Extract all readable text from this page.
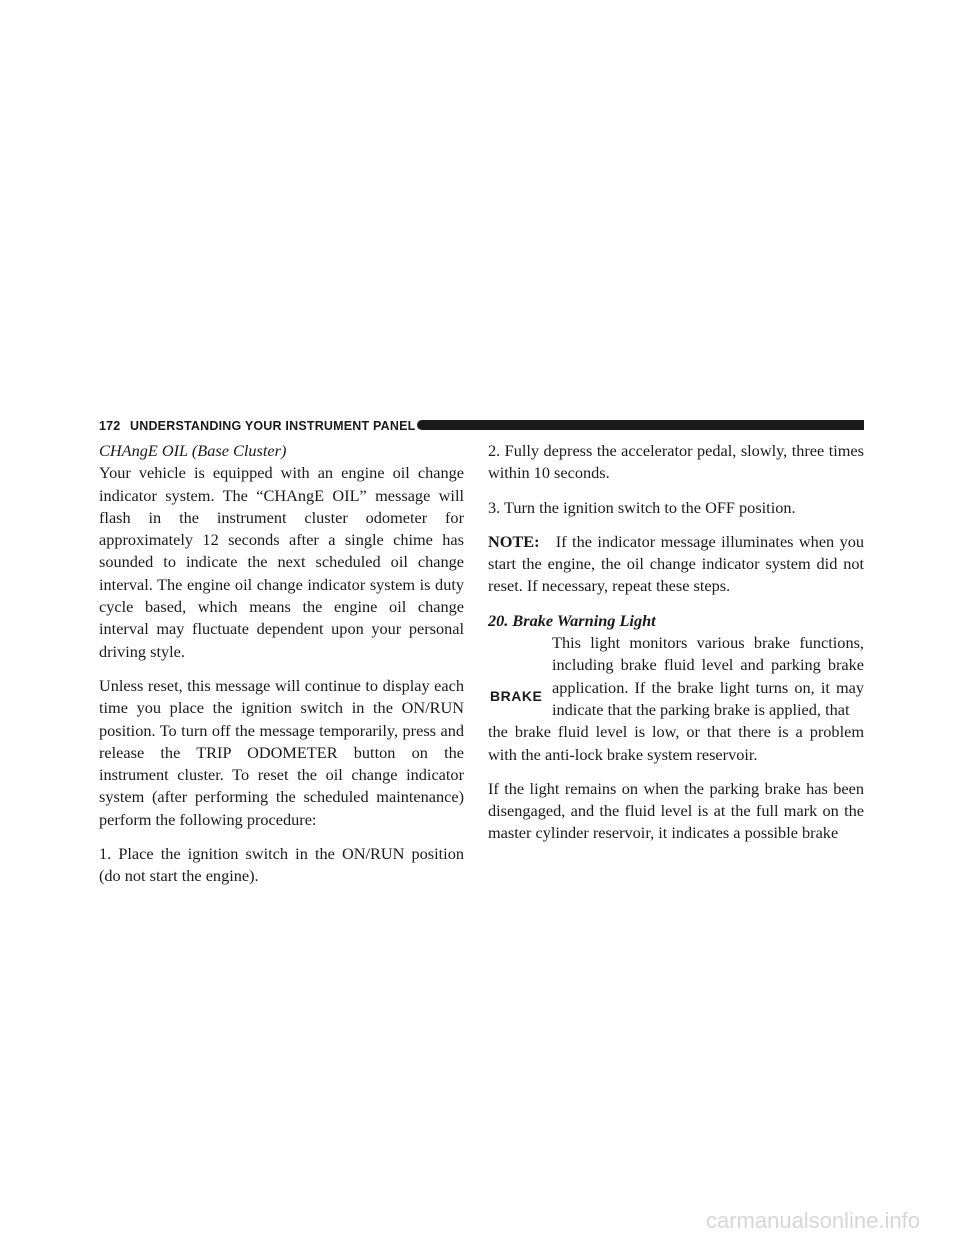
172 UNDERSTANDING YOUR INSTRUMENT PANEL

CHAngE OIL (Base Cluster)

Your vehicle is equipped with an engine oil change indicator system. The “CHAngE OIL” message will flash in the instrument cluster odometer for approximately 12 seconds after a single chime has sounded to indicate the next scheduled oil change interval. The engine oil change indicator system is duty cycle based, which means the engine oil change interval may fluctuate dependent upon your personal driving style.

Unless reset, this message will continue to display each time you place the ignition switch in the ON/RUN position. To turn off the message temporarily, press and release the TRIP ODOMETER button on the instrument cluster. To reset the oil change indicator system (after performing the scheduled maintenance) perform the following procedure:

1. Place the ignition switch in the ON/RUN position (do not start the engine).

2. Fully depress the accelerator pedal, slowly, three times within 10 seconds.

3. Turn the ignition switch to the OFF position.

NOTE: If the indicator message illuminates when you start the engine, the oil change indicator system did not reset. If necessary, repeat these steps.

20. Brake Warning Light

BRAKE

This light monitors various brake functions, including brake fluid level and parking brake application. If the brake light turns on, it may indicate that the parking brake is applied, that

the brake fluid level is low, or that there is a problem with the anti-lock brake system reservoir.

If the light remains on when the parking brake has been disengaged, and the fluid level is at the full mark on the master cylinder reservoir, it indicates a possible brake

carmanualsonline.info
